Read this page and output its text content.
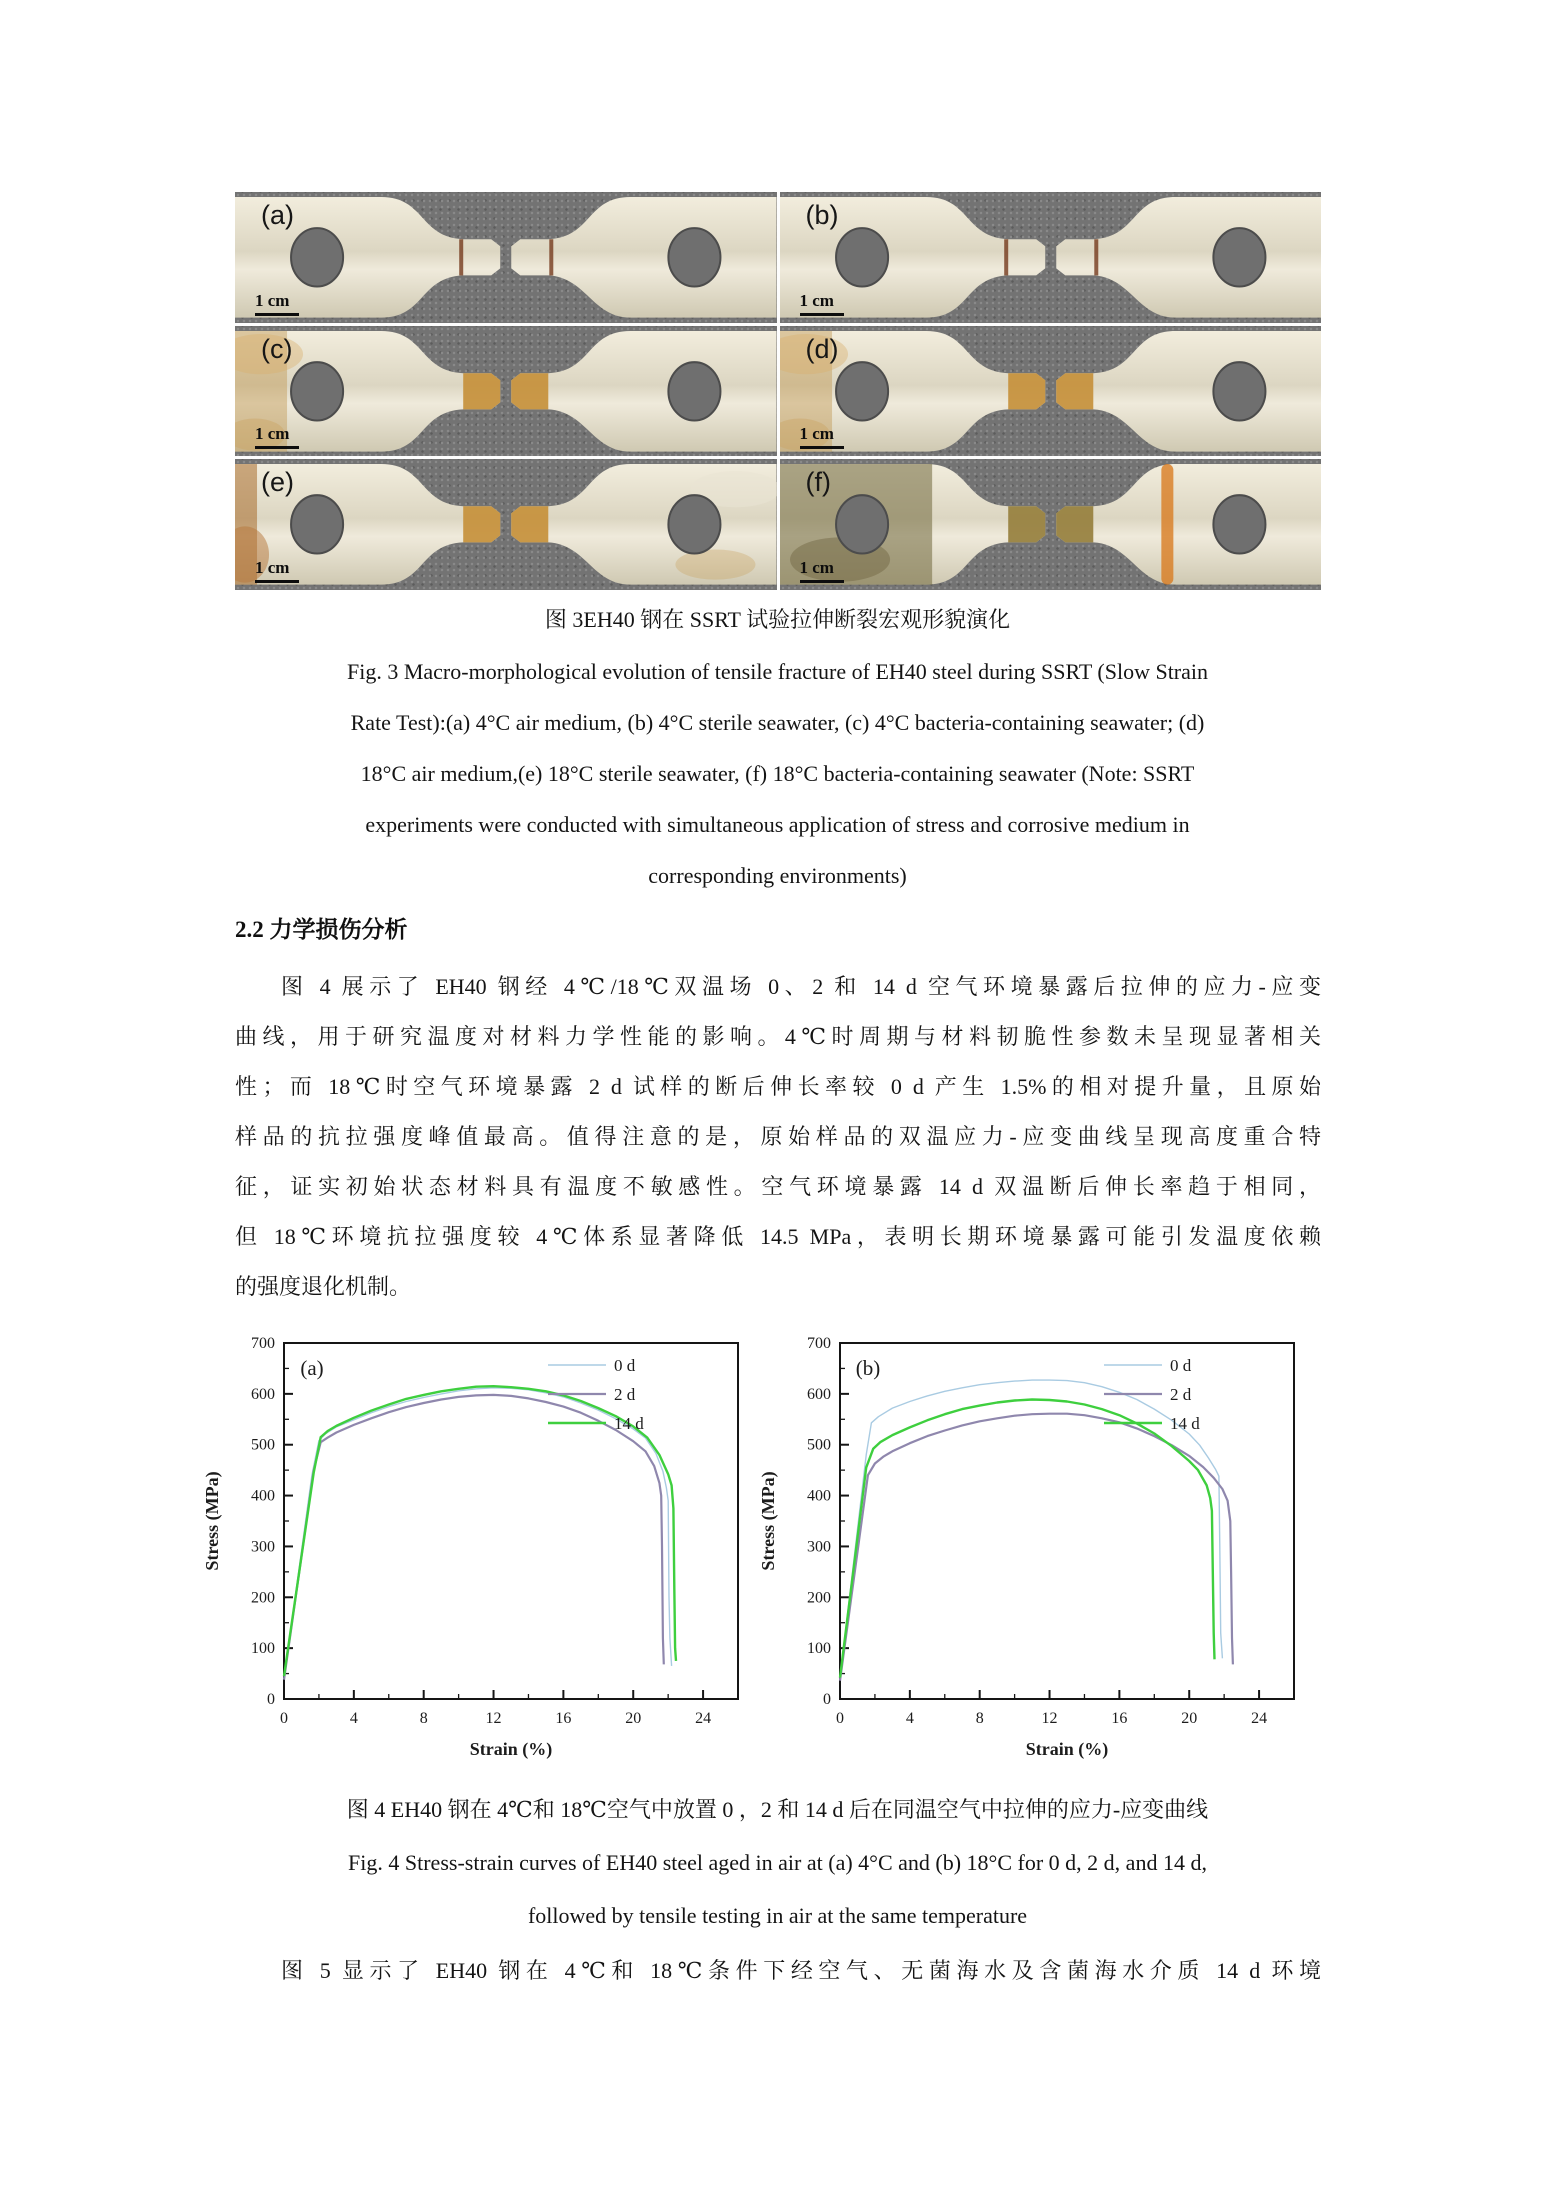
(a)
1 cm
(b)
1 cm
(c)
1 cm
(d)
1 cm
(e)
1 cm
(f)
1 cm
图 3EH40 钢在 SSRT 试验拉伸断裂宏观形貌演化
Fig. 3 Macro-morphological evolution of tensile fracture of EH40 steel during SSRT (Slow Strain
Rate Test):(a) 4°C air medium, (b) 4°C sterile seawater, (c) 4°C bacteria-containing seawater; (d)
18°C air medium,(e) 18°C sterile seawater, (f) 18°C bacteria-containing seawater (Note: SSRT
experiments were conducted with simultaneous application of stress and corrosive medium in
corresponding environments)
2.2 力学损伤分析
图 4 展示了 EH40 钢经 4℃/18℃双温场 0、2 和 14 d 空气环境暴露后拉伸的应力-应变
曲线，用于研究温度对材料力学性能的影响。4℃时周期与材料韧脆性参数未呈现显著相关
性；而 18℃时空气环境暴露 2 d 试样的断后伸长率较 0 d 产生 1.5%的相对提升量，且原始
样品的抗拉强度峰值最高。值得注意的是，原始样品的双温应力-应变曲线呈现高度重合特
征，证实初始状态材料具有温度不敏感性。空气环境暴露 14 d 双温断后伸长率趋于相同，
但 18℃环境抗拉强度较 4℃体系显著降低 14.5 MPa，表明长期环境暴露可能引发温度依赖
的强度退化机制。
0	4	8	12	16	20	24
0
100
200
300
400
500
600
700
(a)	0 d
2 d
14 d
Strain (%)
Stress (MPa)
0	4	8	12	16	20	24
0
100
200
300
400
500
600
700
(b)	0 d
2 d
14 d
Strain (%)
Stress (MPa)
图 4 EH40 钢在 4℃和 18℃空气中放置 0 ，2 和 14 d 后在同温空气中拉伸的应力-应变曲线
Fig. 4 Stress-strain curves of EH40 steel aged in air at (a) 4°C and (b) 18°C for 0 d, 2 d, and 14 d,
followed by tensile testing in air at the same temperature
图 5 显示了 EH40 钢在 4℃和 18℃条件下经空气、无菌海水及含菌海水介质 14 d 环境
